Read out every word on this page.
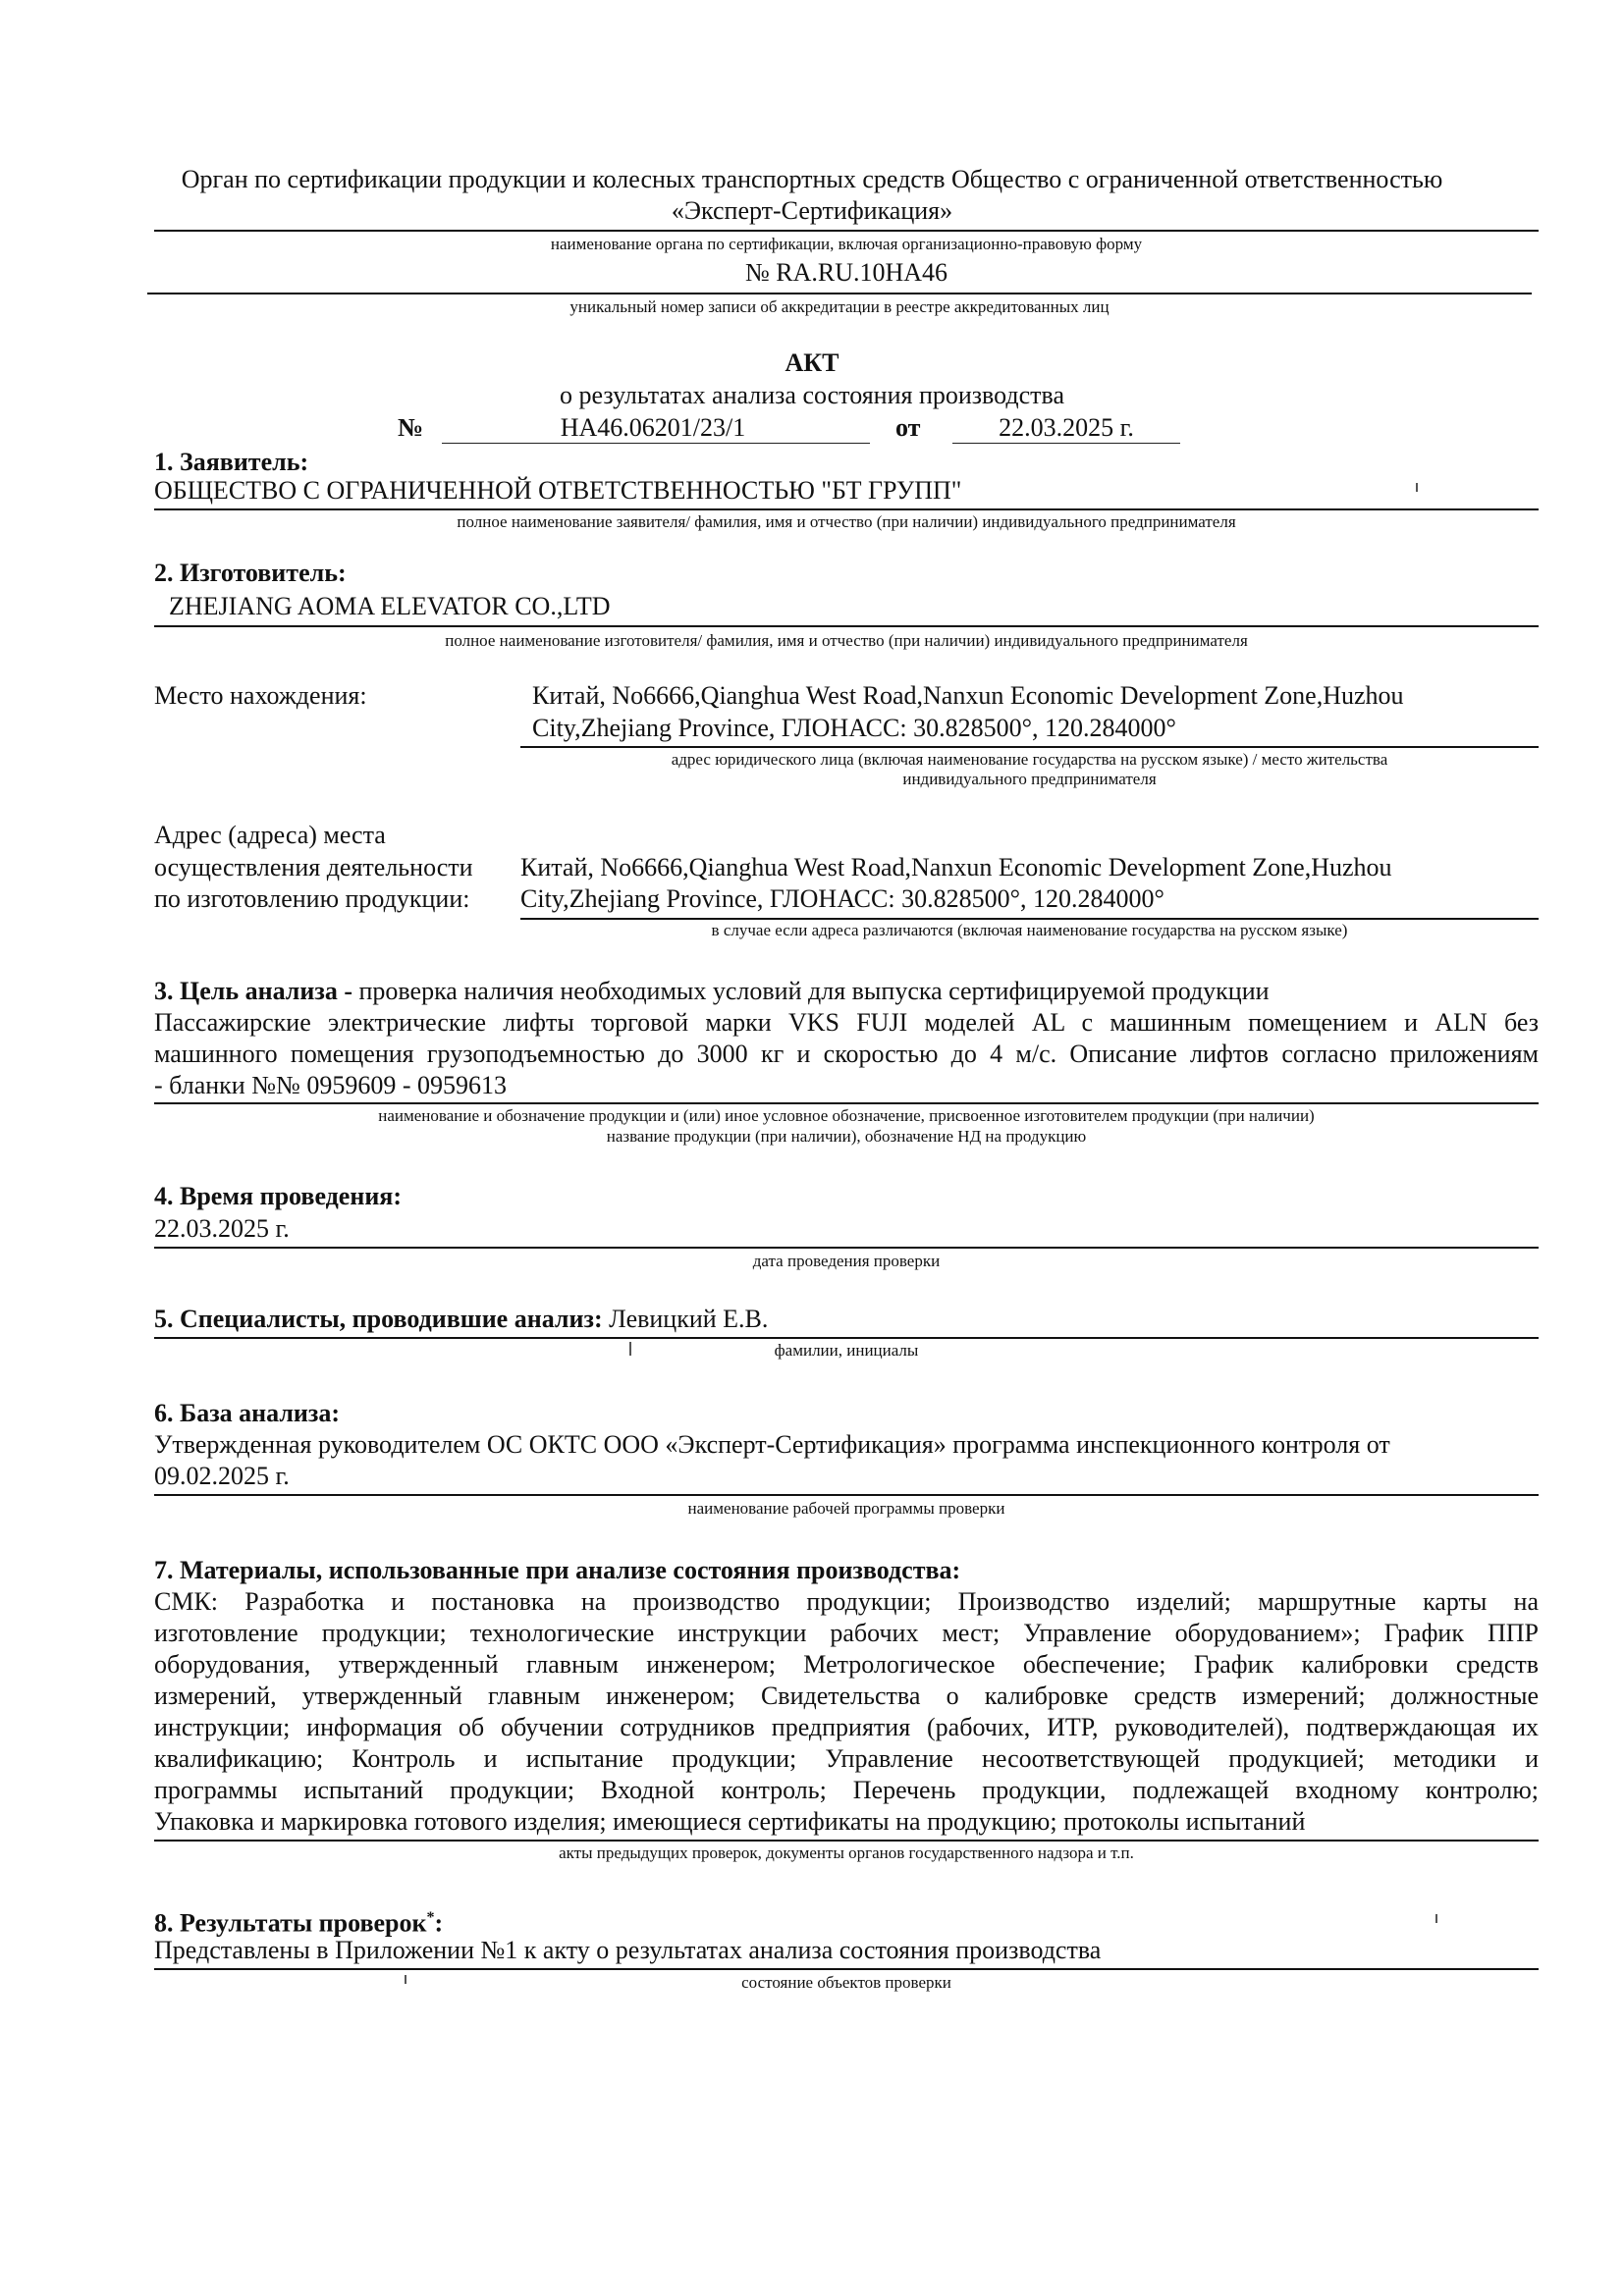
Орган по сертификации продукции и колесных транспортных средств Общество с ограниченной ответственностью
«Эксперт-Сертификация»
наименование органа по сертификации, включая организационно-правовую форму
№ RA.RU.10НА46
уникальный номер записи об аккредитации в реестре аккредитованных лиц
АКТ
о результатах анализа состояния производства
№	НА46.06201/23/1	от	22.03.2025 г.
1. Заявитель:
ОБЩЕСТВО С ОГРАНИЧЕННОЙ ОТВЕТСТВЕННОСТЬЮ "БТ ГРУПП"
полное наименование заявителя/ фамилия, имя и отчество (при наличии) индивидуального предпринимателя
2. Изготовитель:
ZHEJIANG AOMA ELEVATOR CO.,LTD
полное наименование изготовителя/ фамилия, имя и отчество (при наличии) индивидуального предпринимателя
Место нахождения:	Китай, No6666,Qianghua West Road,Nanxun Economic Development Zone,Huzhou
City,Zhejiang Province, ГЛОНАСС: 30.828500°, 120.284000°
адрес юридического лица (включая наименование государства на русском языке) / место жительства
индивидуального предпринимателя
Адрес (адреса) места
осуществления деятельности
по изготовлению продукции:
Китай, No6666,Qianghua West Road,Nanxun Economic Development Zone,Huzhou
City,Zhejiang Province, ГЛОНАСС: 30.828500°, 120.284000°
в случае если адреса различаются (включая наименование государства на русском языке)
3. Цель анализа - проверка наличия необходимых условий для выпуска сертифицируемой продукции
Пассажирские электрические лифты торговой марки VKS FUJI моделей AL с машинным помещением и ALN без
машинного помещения грузоподъемностью до 3000 кг и скоростью до 4 м/с. Описание лифтов согласно приложениям
- бланки №№ 0959609 - 0959613
наименование и обозначение продукции и (или) иное условное обозначение, присвоенное изготовителем продукции (при наличии)
название продукции (при наличии), обозначение НД на продукцию
4. Время проведения:
22.03.2025 г.
дата проведения проверки
5. Специалисты, проводившие анализ: Левицкий Е.В.
фамилии, инициалы
6. База анализа:
Утвержденная руководителем ОС ОКТС ООО «Эксперт-Сертификация» программа инспекционного контроля от
09.02.2025 г.
наименование рабочей программы проверки
7. Материалы, использованные при анализе состояния производства:
СМК: Разработка и постановка на производство продукции; Производство изделий; маршрутные карты на
изготовление продукции; технологические инструкции рабочих мест; Управление оборудованием»; График ППР
оборудования, утвержденный главным инженером; Метрологическое обеспечение; График калибровки средств
измерений, утвержденный главным инженером; Свидетельства о калибровке средств измерений; должностные
инструкции; информация об обучении сотрудников предприятия (рабочих, ИТР, руководителей), подтверждающая их
квалификацию; Контроль и испытание продукции; Управление несоответствующей продукцией; методики и
программы испытаний продукции; Входной контроль; Перечень продукции, подлежащей входному контролю;
Упаковка и маркировка готового изделия; имеющиеся сертификаты на продукцию; протоколы испытаний
акты предыдущих проверок, документы органов государственного надзора и т.п.
8. Результаты проверок*:
Представлены в Приложении №1 к акту о результатах анализа состояния производства
состояние объектов проверки
